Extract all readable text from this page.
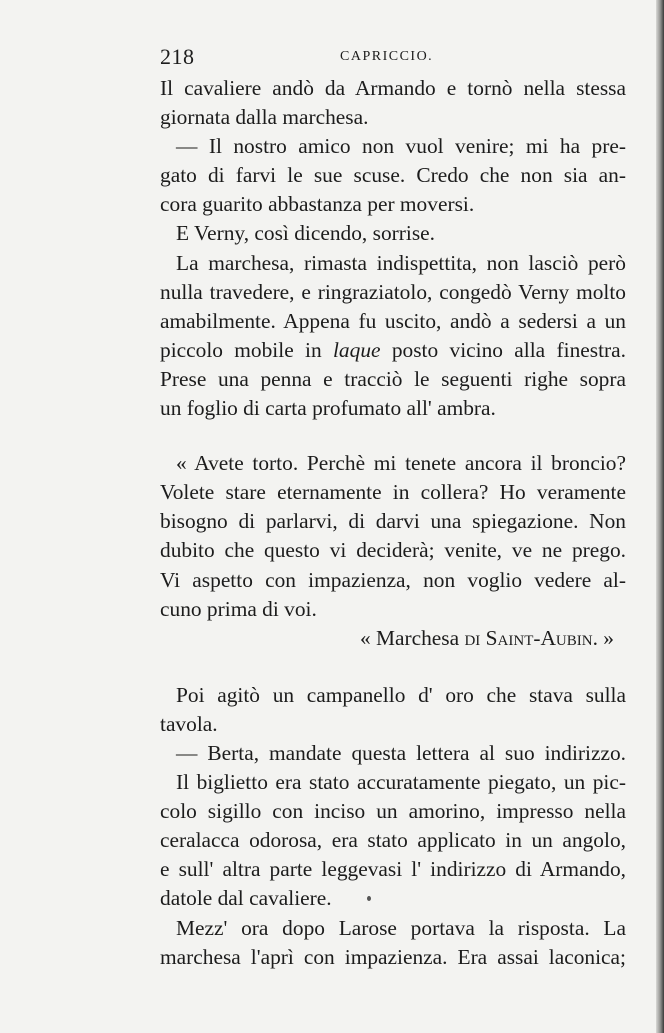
218	CAPRICCIO.

Il cavaliere andò da Armando e tornò nella stessa

giornata dalla marchesa.

— Il nostro amico non vuol venire; mi ha pre-

gato di farvi le sue scuse. Credo che non sia an-

cora guarito abbastanza per moversi.

E Verny, così dicendo, sorrise.

La marchesa, rimasta indispettita, non lasciò però

nulla travedere, e ringraziatolo, congedò Verny molto

amabilmente. Appena fu uscito, andò a sedersi a un

piccolo mobile in laque posto vicino alla finestra.

Prese una penna e tracciò le seguenti righe sopra

un foglio di carta profumato all' ambra.

« Avete torto. Perchè mi tenete ancora il broncio?

Volete stare eternamente in collera? Ho veramente

bisogno di parlarvi, di darvi una spiegazione. Non

dubito che questo vi deciderà; venite, ve ne prego.

Vi aspetto con impazienza, non voglio vedere al-

cuno prima di voi.

« Marchesa di Saint-Aubin. »

Poi agitò un campanello d' oro che stava sulla

tavola.

— Berta, mandate questa lettera al suo indirizzo.

Il biglietto era stato accuratamente piegato, un pic-

colo sigillo con inciso un amorino, impresso nella

ceralacca odorosa, era stato applicato in un angolo,

e sull' altra parte leggevasi l' indirizzo di Armando,

datole dal cavaliere.

Mezz' ora dopo Larose portava la risposta. La

marchesa l'aprì con impazienza. Era assai laconica;
